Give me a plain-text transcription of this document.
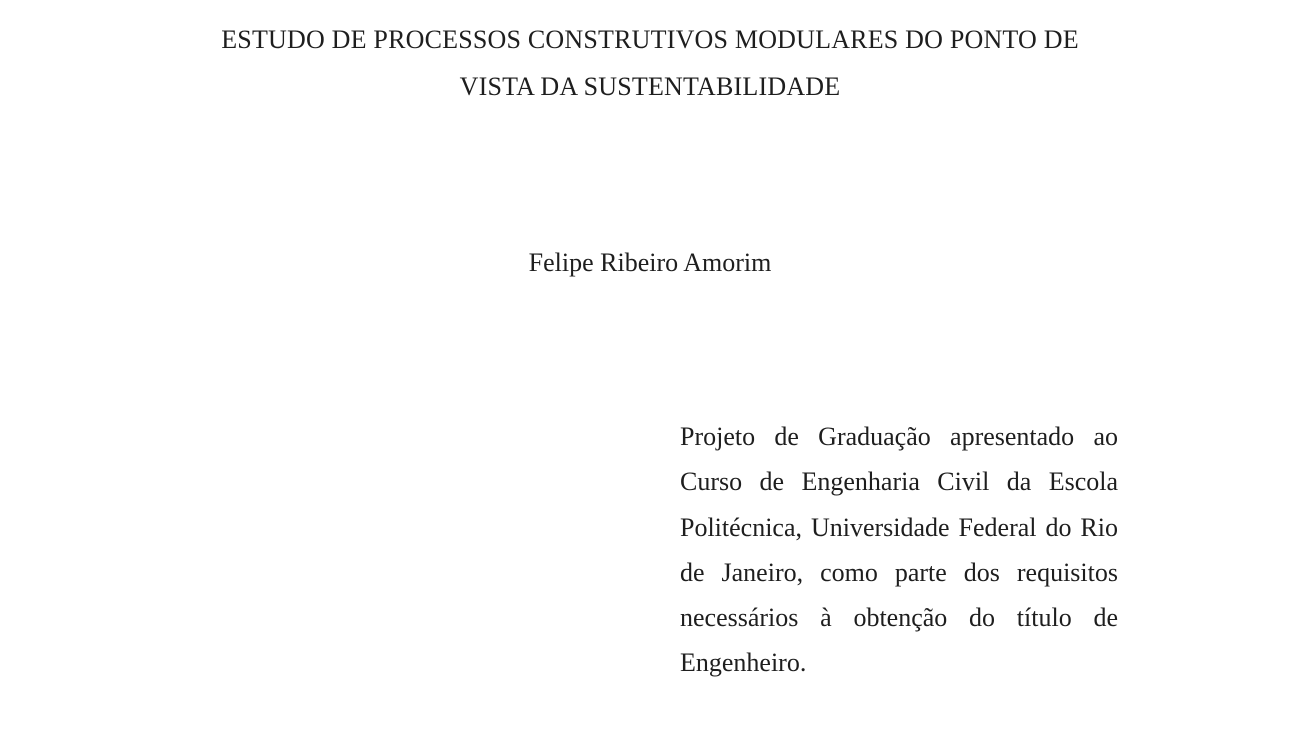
ESTUDO DE PROCESSOS CONSTRUTIVOS MODULARES DO PONTO DE
VISTA DA SUSTENTABILIDADE
Felipe Ribeiro Amorim
Projeto de Graduação apresentado ao
Curso de Engenharia Civil da Escola
Politécnica, Universidade Federal do Rio
de Janeiro, como parte dos requisitos
necessários à obtenção do título de
Engenheiro.
